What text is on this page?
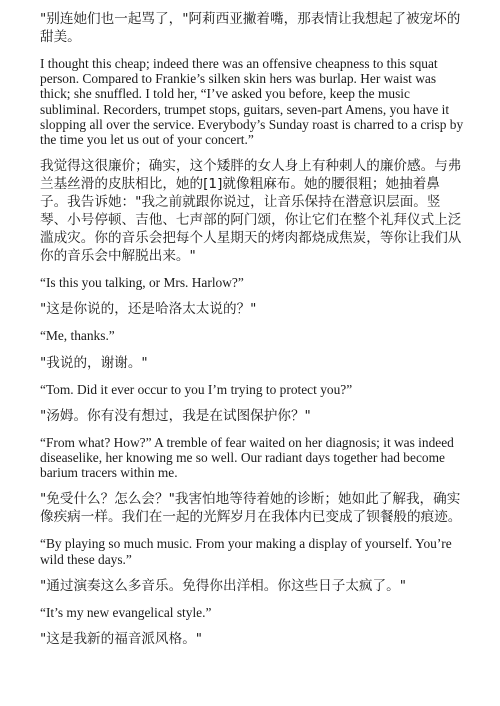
"别连她们也一起骂了，"阿莉西亚撇着嘴，那表情让我想起了被宠坏的甜美。

I thought this cheap; indeed there was an offensive cheapness to this squat person. Compared to Frankie’s silken skin hers was burlap. Her waist was thick; she snuffled. I told her, “I’ve asked you before, keep the music subliminal. Recorders, trumpet stops, guitars, seven-part Amens, you have it slopping all over the service. Everybody’s Sunday roast is charred to a crisp by the time you let us out of your concert.”

我觉得这很廉价；确实，这个矮胖的女人身上有种刺人的廉价感。与弗兰基丝滑的皮肤相比，她的[1]就像粗麻布。她的腰很粗；她抽着鼻子。我告诉她："我之前就跟你说过，让音乐保持在潜意识层面。竖琴、小号停顿、吉他、七声部的阿门颂，你让它们在整个礼拜仪式上泛滥成灾。你的音乐会把每个人星期天的烤肉都烧成焦炭，等你让我们从你的音乐会中解脱出来。"

“Is this you talking, or Mrs. Harlow?”

"这是你说的，还是哈洛太太说的？"

“Me, thanks.”

"我说的，谢谢。"

“Tom. Did it ever occur to you I’m trying to protect you?”

"汤姆。你有没有想过，我是在试图保护你？"

“From what? How?” A tremble of fear waited on her diagnosis; it was indeed diseaselike, her knowing me so well. Our radiant days together had become barium tracers within me.

"免受什么？怎么会？"我害怕地等待着她的诊断；她如此了解我，确实像疾病一样。我们在一起的光辉岁月在我体内已变成了钡餐般的痕迹。

“By playing so much music. From your making a display of yourself. You’re wild these days.”

"通过演奏这么多音乐。免得你出洋相。你这些日子太疯了。"

“It’s my new evangelical style.”

"这是我新的福音派风格。"
